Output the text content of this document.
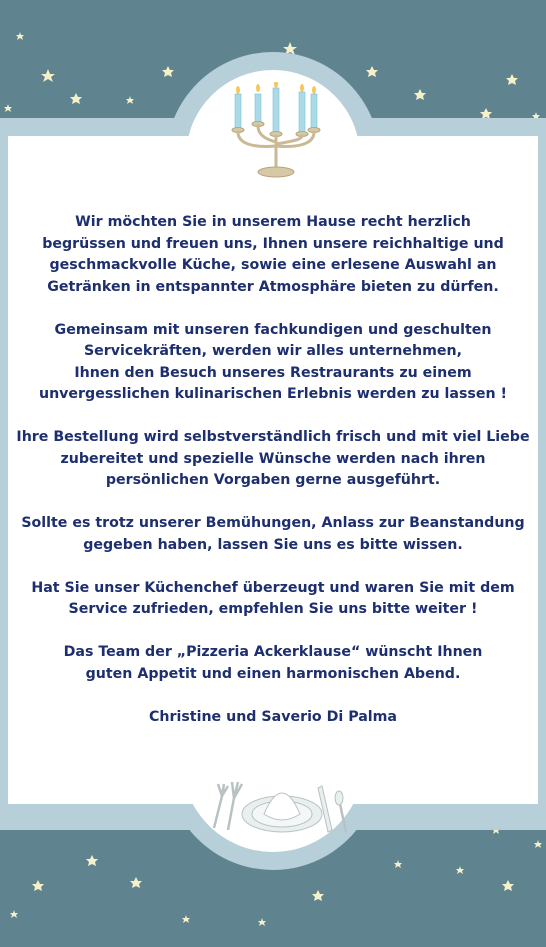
Wir möchten Sie in unserem Hause recht herzlich
begrüssen und freuen uns, Ihnen unsere reichhaltige und
geschmackvolle Küche, sowie eine erlesene Auswahl an
Getränken in entspannter Atmosphäre bieten zu dürfen.

Gemeinsam mit unseren fachkundigen und geschulten
Servicekräften, werden wir alles unternehmen,
Ihnen den Besuch unseres Restraurants zu einem
unvergesslichen kulinarischen Erlebnis werden zu lassen !

Ihre Bestellung wird selbstverständlich frisch und mit viel Liebe
zubereitet und spezielle Wünsche werden nach ihren
persönlichen Vorgaben gerne ausgeführt.

Sollte es trotz unserer Bemühungen, Anlass zur Beanstandung
gegeben haben, lassen Sie uns es bitte wissen.

Hat Sie unser Küchenchef überzeugt und waren Sie mit dem
Service zufrieden, empfehlen Sie uns bitte weiter !

Das Team der „Pizzeria Ackerklause“ wünscht Ihnen
guten Appetit und einen harmonischen Abend.

Christine und Saverio Di Palma
